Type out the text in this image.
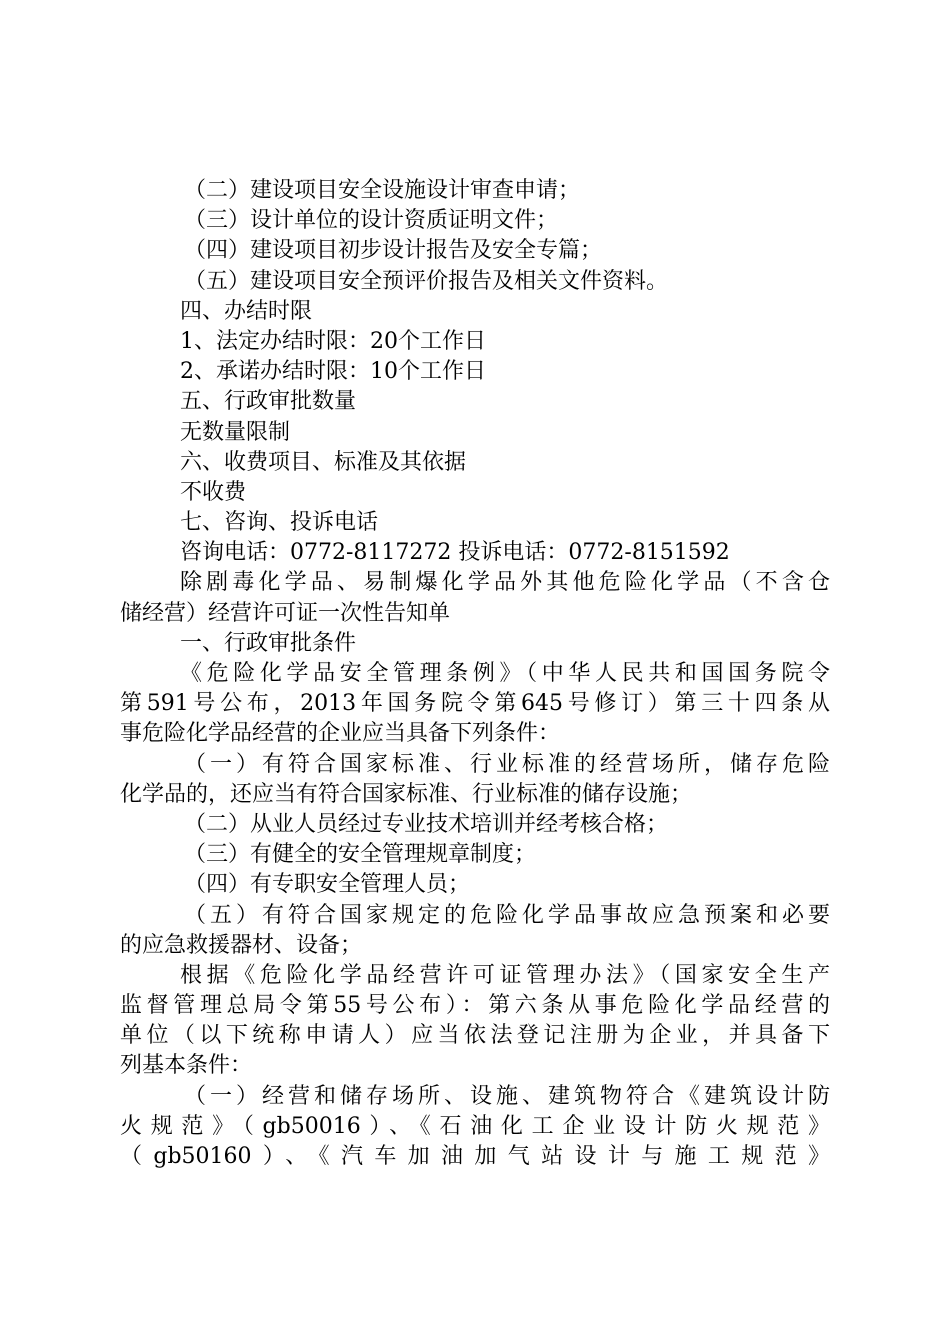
（二）建设项目安全设施设计审查申请；
（三）设计单位的设计资质证明文件；
（四）建设项目初步设计报告及安全专篇；
（五）建设项目安全预评价报告及相关文件资料。
四、办结时限
1、法定办结时限：20个工作日
2、承诺办结时限：10个工作日
五、行政审批数量
无数量限制
六、收费项目、标准及其依据
不收费
七、咨询、投诉电话
咨询电话：0772-8117272 投诉电话：0772-8151592
除剧毒化学品、易制爆化学品外其他危险化学品（不含仓
储经营）经营许可证一次性告知单
一、行政审批条件
《危险化学品安全管理条例》（中华人民共和国国务院令
第591号公布，2013年国务院令第645号修订）第三十四条从
事危险化学品经营的企业应当具备下列条件：
（一）有符合国家标准、行业标准的经营场所，储存危险
化学品的，还应当有符合国家标准、行业标准的储存设施；
（二）从业人员经过专业技术培训并经考核合格；
（三）有健全的安全管理规章制度；
（四）有专职安全管理人员；
（五）有符合国家规定的危险化学品事故应急预案和必要
的应急救援器材、设备；
根据《危险化学品经营许可证管理办法》（国家安全生产
监督管理总局令第55号公布）：第六条从事危险化学品经营的
单位（以下统称申请人）应当依法登记注册为企业，并具备下
列基本条件：
（一）经营和储存场所、设施、建筑物符合《建筑设计防
火规范》（gb50016）、《石油化工企业设计防火规范》
（gb50160）、《汽车加油加气站设计与施工规范》
